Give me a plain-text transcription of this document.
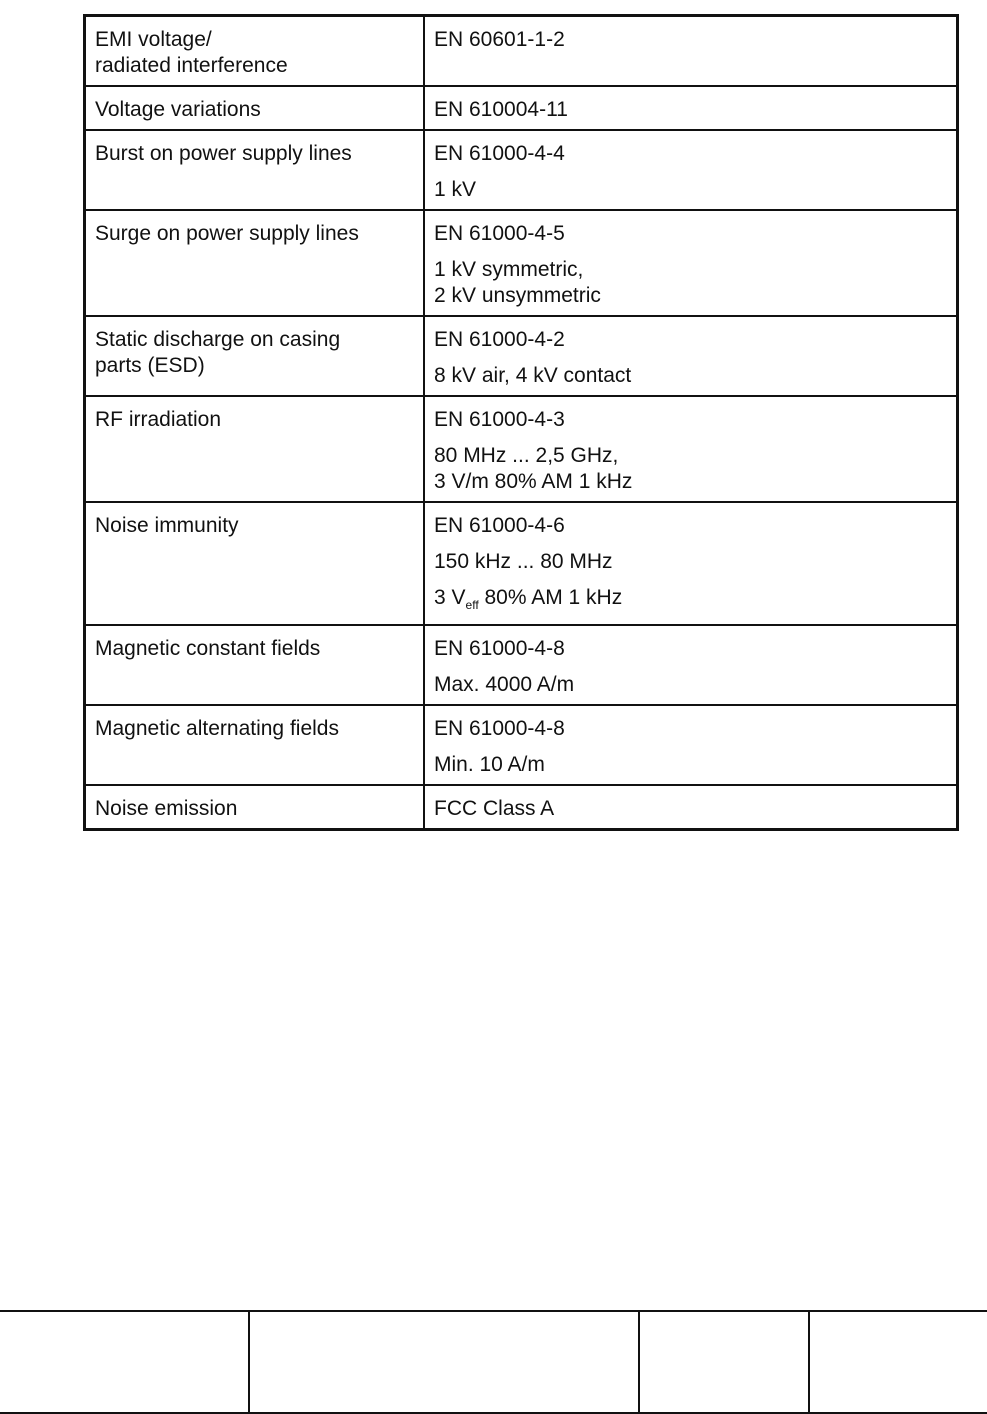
EMI voltage/
radiated interference	EN 60601-1-2

Voltage variations	EN 610004-11

Burst on power supply lines	EN 61000-4-4
1 kV

Surge on power supply lines	EN 61000-4-5
1 kV symmetric,
2 kV unsymmetric

Static discharge on casing
parts (ESD)	EN 61000-4-2
8 kV air, 4 kV contact

RF irradiation	EN 61000-4-3
80 MHz ... 2,5 GHz,
3 V/m 80% AM 1 kHz

Noise immunity	EN 61000-4-6
150 kHz ... 80 MHz
3 $V_{eff}$ 80% AM 1 kHz

Magnetic constant fields	EN 61000-4-8
Max. 4000 A/m

Magnetic alternating fields	EN 61000-4-8
Min. 10 A/m

Noise emission	FCC Class A
